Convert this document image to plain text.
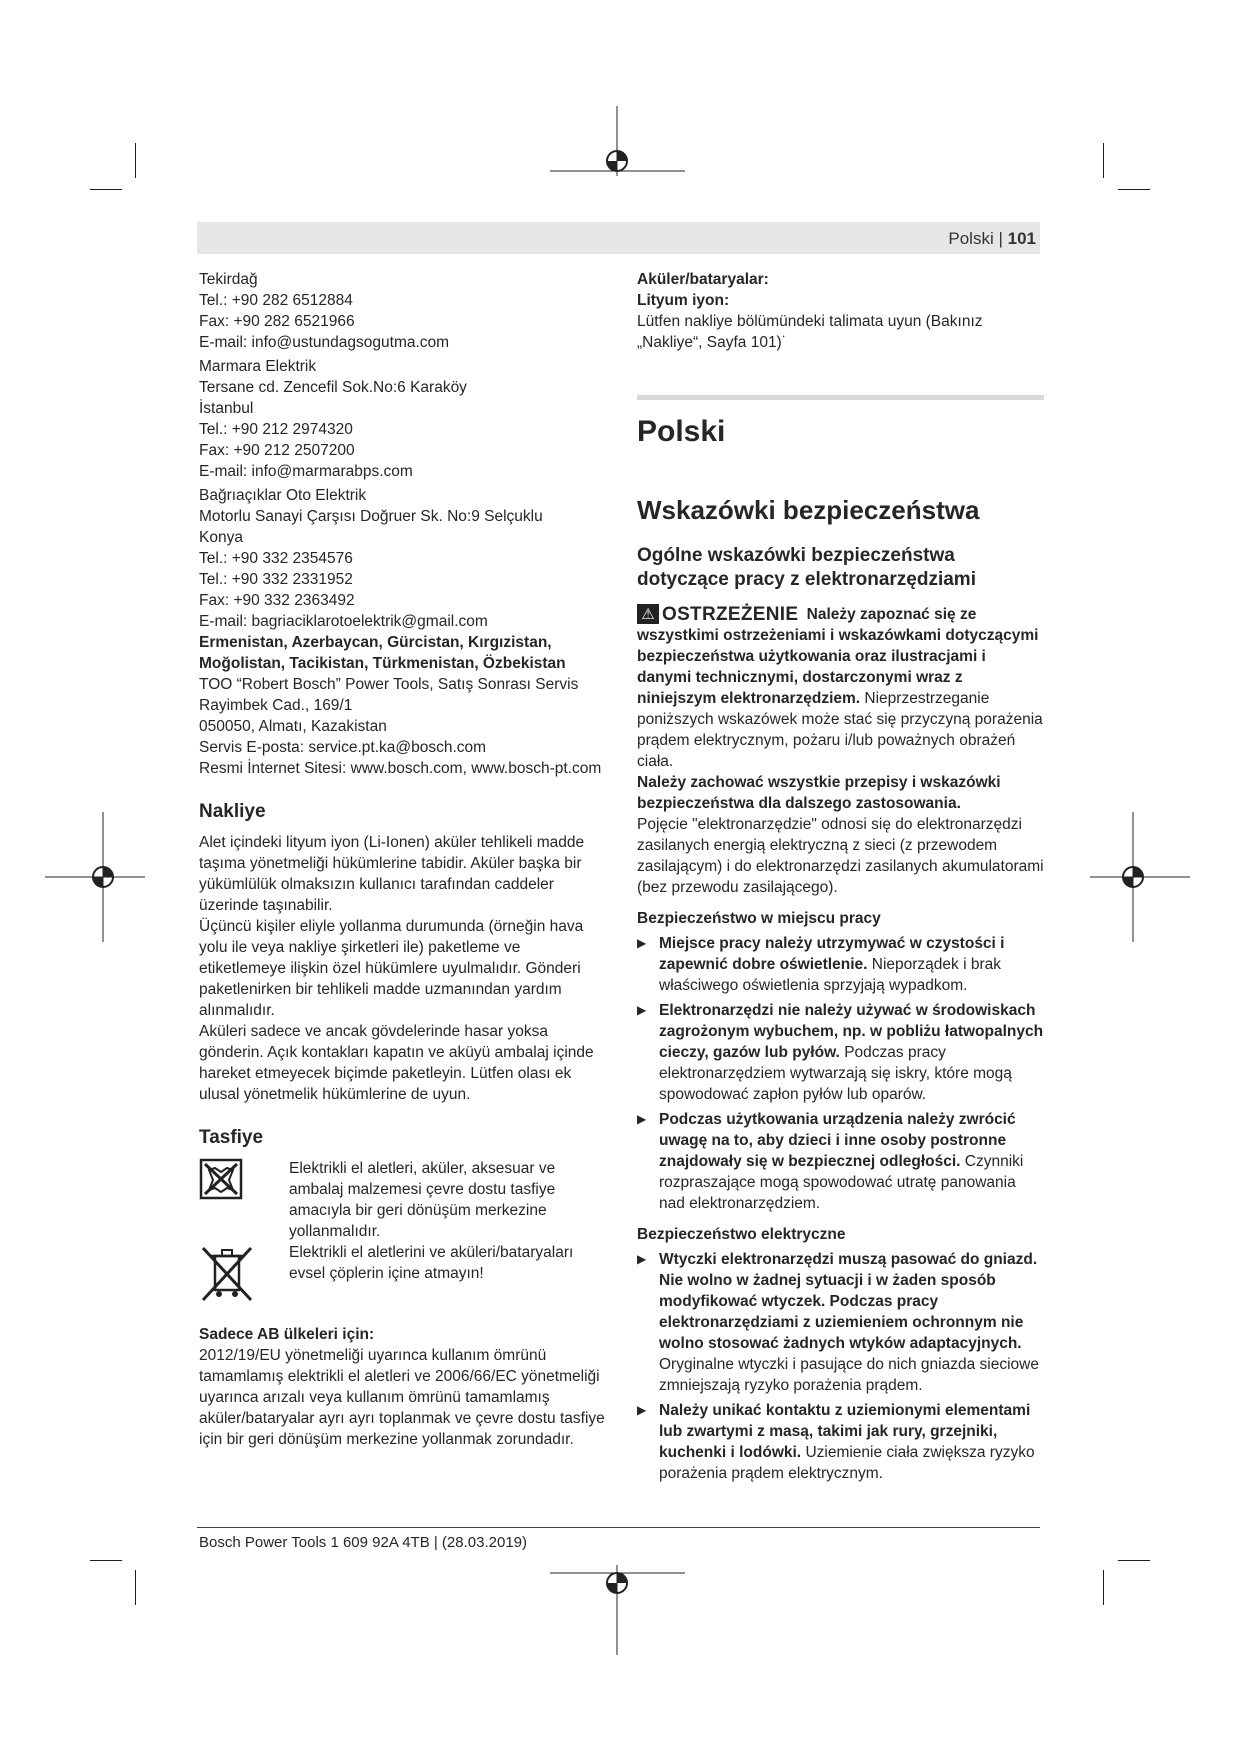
Polski | 101

Tekirdağ

Tel.: +90 282 6512884

Fax: +90 282 6521966

E-mail: info@ustundagsogutma.com

Marmara Elektrik

Tersane cd. Zencefil Sok.No:6 Karaköy

İstanbul

Tel.: +90 212 2974320

Fax: +90 212 2507200

E-mail: info@marmarabps.com

Bağrıaçıklar Oto Elektrik

Motorlu Sanayi Çarşısı Doğruer Sk. No:9 Selçuklu

Konya

Tel.: +90 332 2354576

Tel.: +90 332 2331952

Fax: +90 332 2363492

E-mail: bagriaciklarotoelektrik@gmail.com

Ermenistan, Azerbaycan, Gürcistan, Kırgızistan, Moğolistan, Tacikistan, Türkmenistan, Özbekistan

TOO “Robert Bosch” Power Tools, Satış Sonrası Servis

Rayimbek Cad., 169/1

050050, Almatı, Kazakistan

Servis E-posta: service.pt.ka@bosch.com

Resmi İnternet Sitesi: www.bosch.com, www.bosch-pt.com

Nakliye

Alet içindeki lityum iyon (Li-Ionen) aküler tehlikeli madde taşıma yönetmeliği hükümlerine tabidir. Aküler başka bir yükümlülük olmaksızın kullanıcı tarafından caddeler üzerinde taşınabilir.

Üçüncü kişiler eliyle yollanma durumunda (örneğin hava yolu ile veya nakliye şirketleri ile) paketleme ve etiketlemeye ilişkin özel hükümlere uyulmalıdır. Gönderi paketlenirken bir tehlikeli madde uzmanından yardım alınmalıdır.

Aküleri sadece ve ancak gövdelerinde hasar yoksa gönderin. Açık kontakları kapatın ve aküyü ambalaj içinde hareket etmeyecek biçimde paketleyin. Lütfen olası ek ulusal yönetmelik hükümlerine de uyun.

Tasfiye

Elektrikli el aletleri, aküler, aksesuar ve ambalaj malzemesi çevre dostu tasfiye amacıyla bir geri dönüşüm merkezine yollanmalıdır.

Elektrikli el aletlerini ve aküleri/bataryaları evsel çöplerin içine atmayın!

Sadece AB ülkeleri için:

2012/19/EU yönetmeliği uyarınca kullanım ömrünü tamamlamış elektrikli el aletleri ve 2006/66/EC yönetmeliği uyarınca arızalı veya kullanım ömrünü tamamlamış aküler/bataryalar ayrı ayrı toplanmak ve çevre dostu tasfiye için bir geri dönüşüm merkezine yollanmak zorundadır.

Aküler/bataryalar:

Lityum iyon:

Lütfen nakliye bölümündeki talimata uyun (Bakınız „Nakliye“, Sayfa 101)˙

Polski

Wskazówki bezpieczeństwa

Ogólne wskazówki bezpieczeństwa dotyczące pracy z elektronarzędziami

⚠ OSTRZEŻENIE Należy zapoznać się ze wszystkimi ostrzeżeniami i wskazówkami dotyczącymi bezpieczeństwa użytkowania oraz ilustracjami i danymi technicznymi, dostarczonymi wraz z niniejszym elektronarzędziem. Nieprzestrzeganie poniższych wskazówek może stać się przyczyną porażenia prądem elektrycznym, pożaru i/lub poważnych obrażeń ciała.

Należy zachować wszystkie przepisy i wskazówki bezpieczeństwa dla dalszego zastosowania.

Pojęcie "elektronarzędzie" odnosi się do elektronarzędzi zasilanych energią elektryczną z sieci (z przewodem zasilającym) i do elektronarzędzi zasilanych akumulatorami (bez przewodu zasilającego).

Bezpieczeństwo w miejscu pracy

▶ Miejsce pracy należy utrzymywać w czystości i zapewnić dobre oświetlenie. Nieporządek i brak właściwego oświetlenia sprzyjają wypadkom.

▶ Elektronarzędzi nie należy używać w środowiskach zagrożonym wybuchem, np. w pobliżu łatwopalnych cieczy, gazów lub pyłów. Podczas pracy elektronarzędziem wytwarzają się iskry, które mogą spowodować zapłon pyłów lub oparów.

▶ Podczas użytkowania urządzenia należy zwrócić uwagę na to, aby dzieci i inne osoby postronne znajdowały się w bezpiecznej odległości. Czynniki rozpraszające mogą spowodować utratę panowania nad elektronarzędziem.

Bezpieczeństwo elektryczne

▶ Wtyczki elektronarzędzi muszą pasować do gniazd. Nie wolno w żadnej sytuacji i w żaden sposób modyfikować wtyczek. Podczas pracy elektronarzędziami z uziemieniem ochronnym nie wolno stosować żadnych wtyków adaptacyjnych. Oryginalne wtyczki i pasujące do nich gniazda sieciowe zmniejszają ryzyko porażenia prądem.

▶ Należy unikać kontaktu z uziemionymi elementami lub zwartymi z masą, takimi jak rury, grzejniki, kuchenki i lodówki. Uziemienie ciała zwiększa ryzyko porażenia prądem elektrycznym.

Bosch Power Tools 1 609 92A 4TB | (28.03.2019)
